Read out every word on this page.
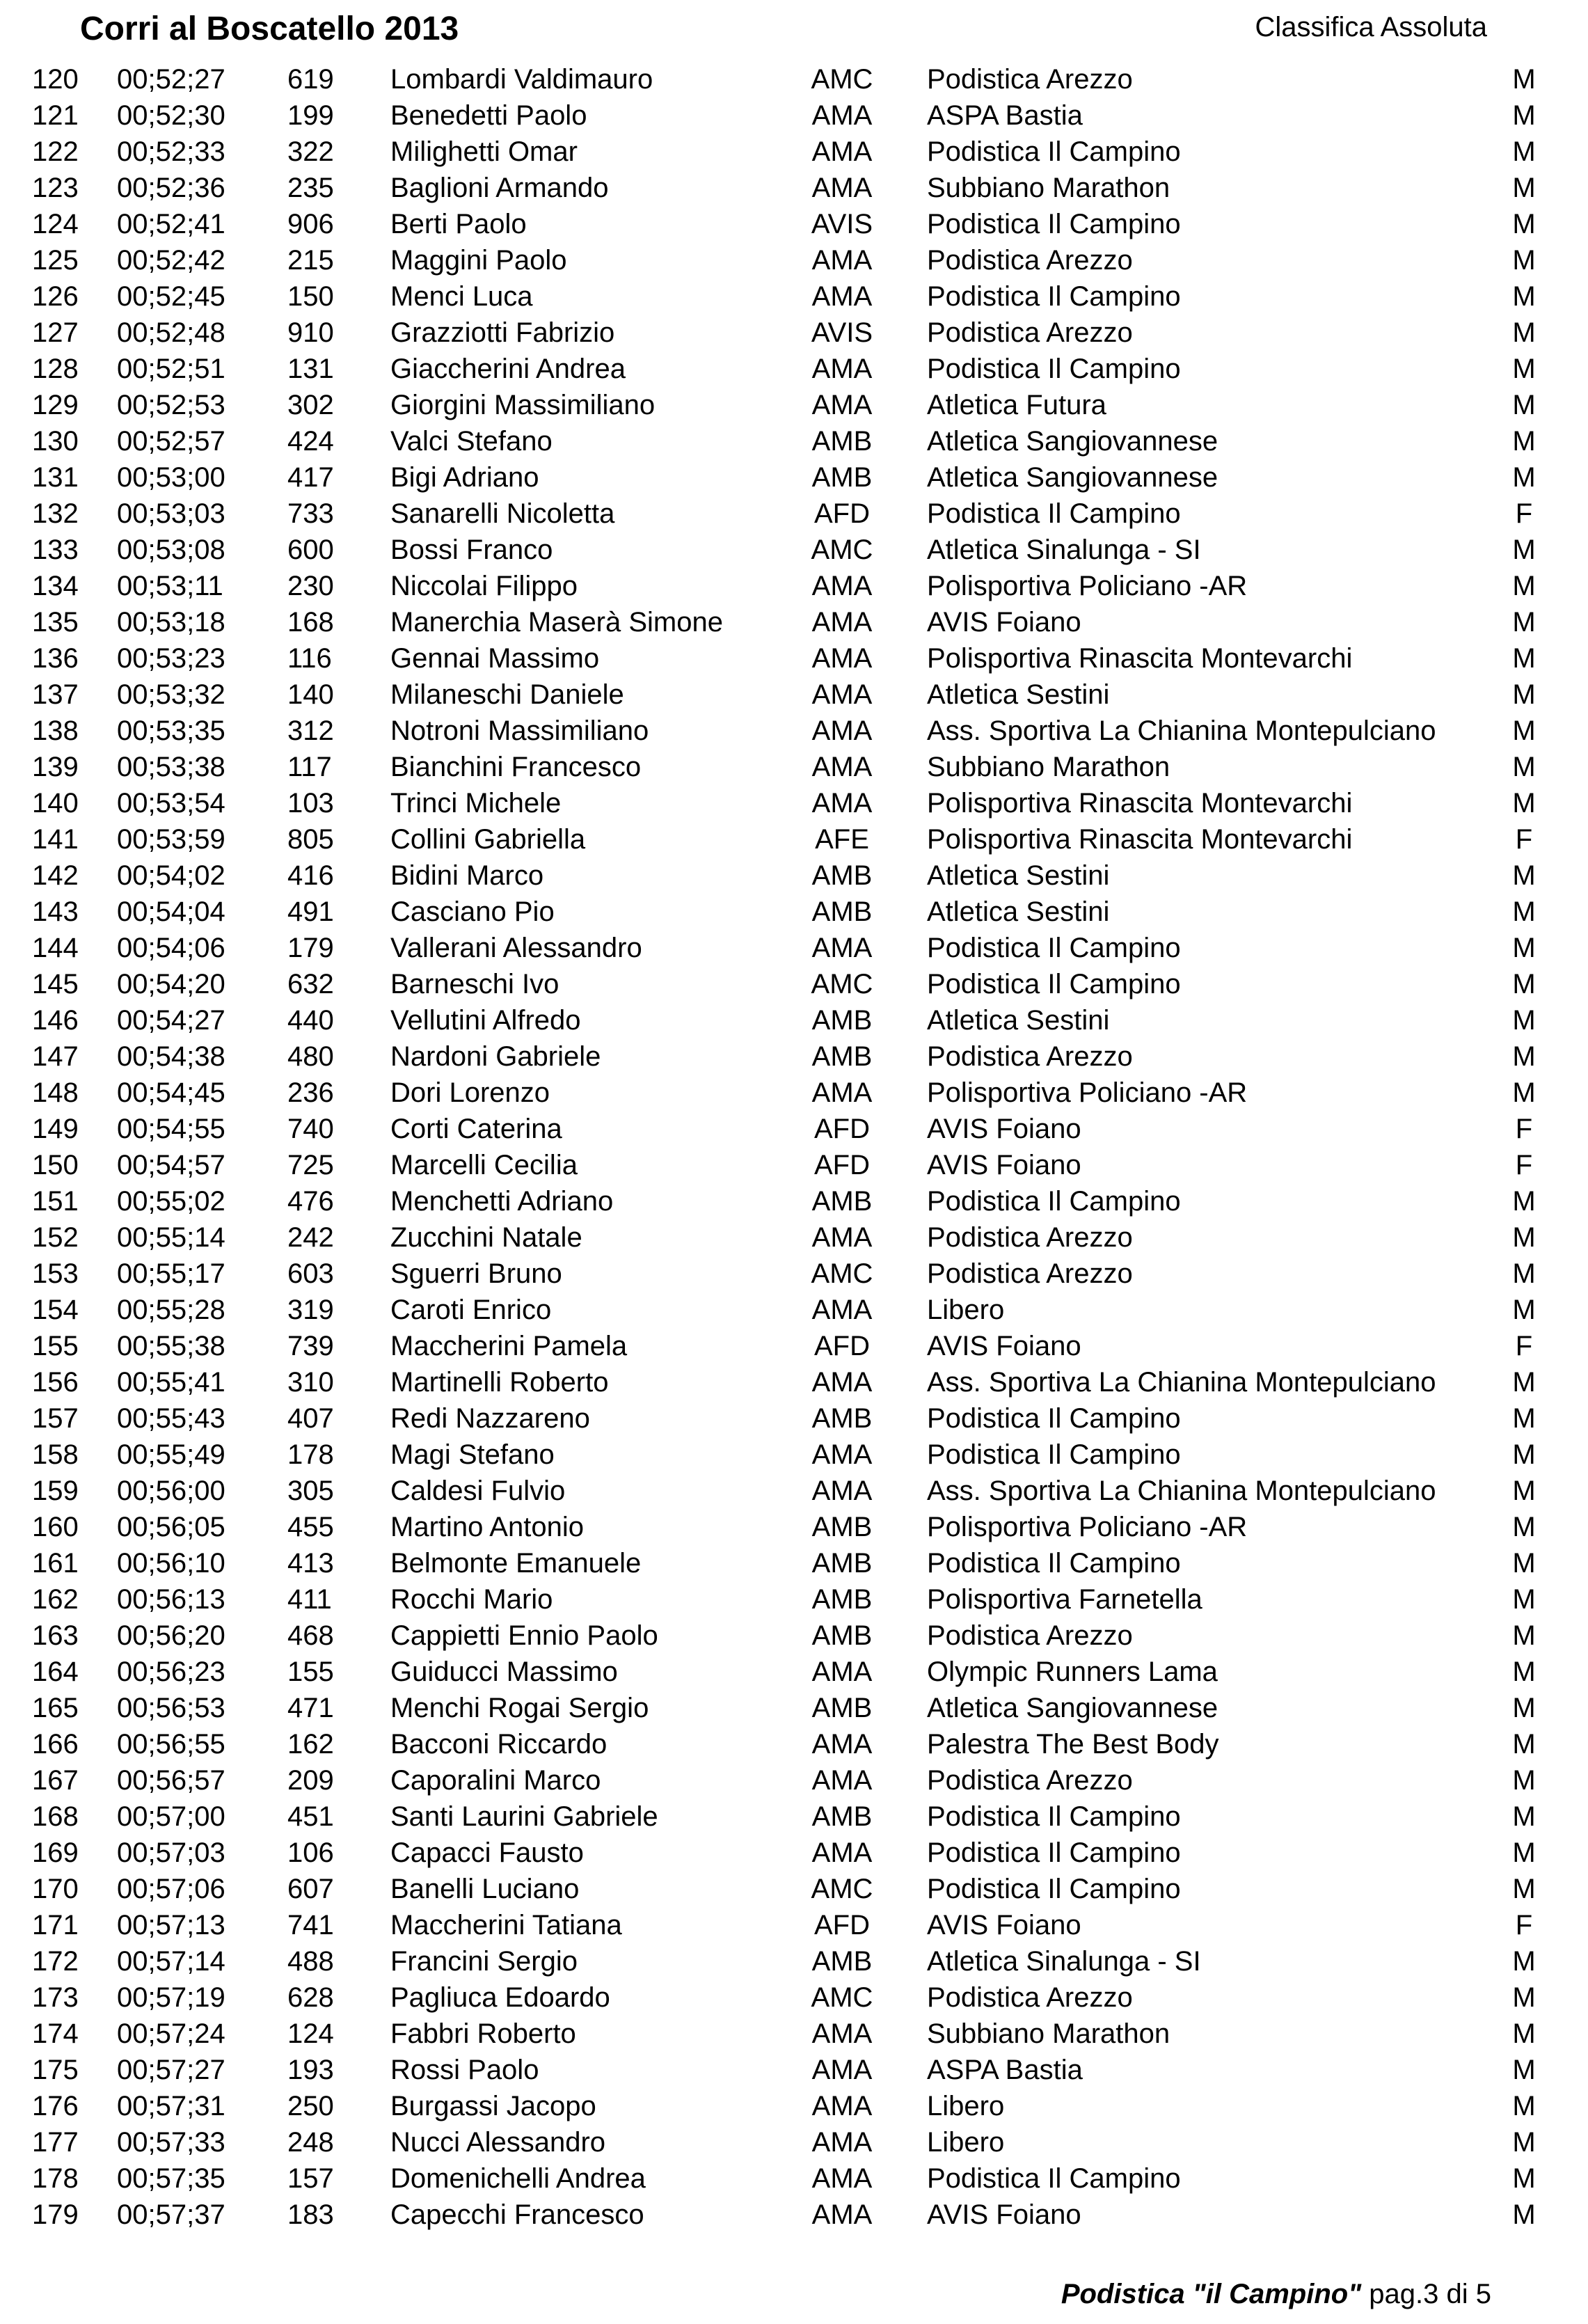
Corri al Boscatello 2013	Classifica Assoluta
120 00;52;27 619 Lombardi Valdimauro	AMC	Podistica Arezzo	M
121 00;52;30 199 Benedetti Paolo	AMA	ASPA Bastia	M
122 00;52;33 322 Milighetti Omar	AMA	Podistica Il Campino	M
123 00;52;36 235 Baglioni Armando	AMA	Subbiano Marathon	M
124 00;52;41 906 Berti Paolo	AVIS	Podistica Il Campino	M
125 00;52;42 215 Maggini Paolo	AMA	Podistica Arezzo	M
126 00;52;45 150 Menci Luca	AMA	Podistica Il Campino	M
127 00;52;48 910 Grazziotti Fabrizio	AVIS	Podistica Arezzo	M
128 00;52;51 131 Giaccherini Andrea	AMA	Podistica Il Campino	M
129 00;52;53 302 Giorgini Massimiliano	AMA	Atletica Futura	M
130 00;52;57 424 Valci Stefano	AMB	Atletica Sangiovannese	M
131 00;53;00 417 Bigi Adriano	AMB	Atletica Sangiovannese	M
132 00;53;03 733 Sanarelli Nicoletta	AFD	Podistica Il Campino	F
133 00;53;08 600 Bossi Franco	AMC	Atletica Sinalunga - SI	M
134 00;53;11 230 Niccolai Filippo	AMA	Polisportiva Policiano -AR	M
135 00;53;18 168 Manerchia Maserà Simone	AMA	AVIS Foiano	M
136 00;53;23 116 Gennai Massimo	AMA	Polisportiva Rinascita Montevarchi	M
137 00;53;32 140 Milaneschi Daniele	AMA	Atletica Sestini	M
138 00;53;35 312 Notroni Massimiliano	AMA	Ass. Sportiva La Chianina Montepulciano	M
139 00;53;38 117 Bianchini Francesco	AMA	Subbiano Marathon	M
140 00;53;54 103 Trinci Michele	AMA	Polisportiva Rinascita Montevarchi	M
141 00;53;59 805 Collini Gabriella	AFE	Polisportiva Rinascita Montevarchi	F
142 00;54;02 416 Bidini Marco	AMB	Atletica Sestini	M
143 00;54;04 491 Casciano Pio	AMB	Atletica Sestini	M
144 00;54;06 179 Vallerani Alessandro	AMA	Podistica Il Campino	M
145 00;54;20 632 Barneschi Ivo	AMC	Podistica Il Campino	M
146 00;54;27 440 Vellutini Alfredo	AMB	Atletica Sestini	M
147 00;54;38 480 Nardoni Gabriele	AMB	Podistica Arezzo	M
148 00;54;45 236 Dori Lorenzo	AMA	Polisportiva Policiano -AR	M
149 00;54;55 740 Corti Caterina	AFD	AVIS Foiano	F
150 00;54;57 725 Marcelli Cecilia	AFD	AVIS Foiano	F
151 00;55;02 476 Menchetti Adriano	AMB	Podistica Il Campino	M
152 00;55;14 242 Zucchini Natale	AMA	Podistica Arezzo	M
153 00;55;17 603 Sguerri Bruno	AMC	Podistica Arezzo	M
154 00;55;28 319 Caroti Enrico	AMA	Libero	M
155 00;55;38 739 Maccherini Pamela	AFD	AVIS Foiano	F
156 00;55;41 310 Martinelli Roberto	AMA	Ass. Sportiva La Chianina Montepulciano	M
157 00;55;43 407 Redi Nazzareno	AMB	Podistica Il Campino	M
158 00;55;49 178 Magi Stefano	AMA	Podistica Il Campino	M
159 00;56;00 305 Caldesi Fulvio	AMA	Ass. Sportiva La Chianina Montepulciano	M
160 00;56;05 455 Martino Antonio	AMB	Polisportiva Policiano -AR	M
161 00;56;10 413 Belmonte Emanuele	AMB	Podistica Il Campino	M
162 00;56;13 411 Rocchi Mario	AMB	Polisportiva Farnetella	M
163 00;56;20 468 Cappietti Ennio Paolo	AMB	Podistica Arezzo	M
164 00;56;23 155 Guiducci Massimo	AMA	Olympic Runners Lama	M
165 00;56;53 471 Menchi Rogai Sergio	AMB	Atletica Sangiovannese	M
166 00;56;55 162 Bacconi Riccardo	AMA	Palestra The Best Body	M
167 00;56;57 209 Caporalini Marco	AMA	Podistica Arezzo	M
168 00;57;00 451 Santi Laurini Gabriele	AMB	Podistica Il Campino	M
169 00;57;03 106 Capacci Fausto	AMA	Podistica Il Campino	M
170 00;57;06 607 Banelli Luciano	AMC	Podistica Il Campino	M
171 00;57;13 741 Maccherini Tatiana	AFD	AVIS Foiano	F
172 00;57;14 488 Francini Sergio	AMB	Atletica Sinalunga - SI	M
173 00;57;19 628 Pagliuca Edoardo	AMC	Podistica Arezzo	M
174 00;57;24 124 Fabbri Roberto	AMA	Subbiano Marathon	M
175 00;57;27 193 Rossi Paolo	AMA	ASPA Bastia	M
176 00;57;31 250 Burgassi Jacopo	AMA	Libero	M
177 00;57;33 248 Nucci Alessandro	AMA	Libero	M
178 00;57;35 157 Domenichelli Andrea	AMA	Podistica Il Campino	M
179 00;57;37 183 Capecchi Francesco	AMA	AVIS Foiano	M
Podistica "il Campino" pag.3 di 5
